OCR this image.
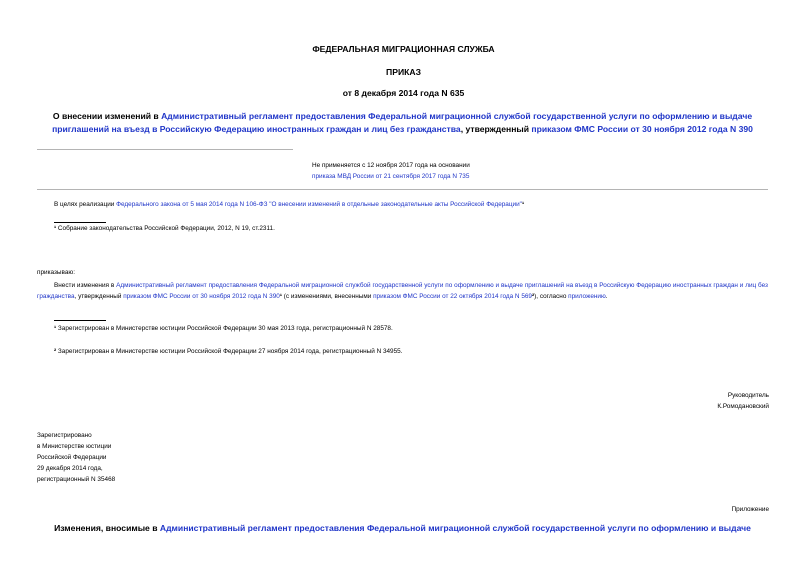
ФЕДЕРАЛЬНАЯ МИГРАЦИОННАЯ СЛУЖБА
ПРИКАЗ
от 8 декабря 2014 года N 635
О внесении изменений в Административный регламент предоставления Федеральной миграционной службой государственной услуги по оформлению и выдаче приглашений на въезд в Российскую Федерацию иностранных граждан и лиц без гражданства, утвержденный приказом ФМС России от 30 ноября 2012 года N 390
Не применяется с 12 ноября 2017 года на основании
приказа МВД России от 21 сентября 2017 года N 735
В целях реализации Федерального закона от 5 мая 2014 года N 106-ФЗ "О внесении изменений в отдельные законодательные акты Российской Федерации"¹
¹ Собрание законодательства Российской Федерации, 2012, N 19, ст.2311.
приказываю:
Внести изменения в Административный регламент предоставления Федеральной миграционной службой государственной услуги по оформлению и выдаче приглашений на въезд в Российскую Федерацию иностранных граждан и лиц без гражданства, утвержденный приказом ФМС России от 30 ноября 2012 года N 390¹ (с изменениями, внесенными приказом ФМС России от 22 октября 2014 года N 569²), согласно приложению.
¹ Зарегистрирован в Министерстве юстиции Российской Федерации 30 мая 2013 года, регистрационный N 28578.
² Зарегистрирован в Министерстве юстиции Российской Федерации 27 ноября 2014 года, регистрационный N 34955.
Руководитель
К.Ромодановский
Зарегистрировано
в Министерстве юстиции
Российской Федерации
29 декабря 2014 года,
регистрационный N 35468
Приложение
Изменения, вносимые в Административный регламент предоставления Федеральной миграционной службой государственной услуги по оформлению и выдаче
